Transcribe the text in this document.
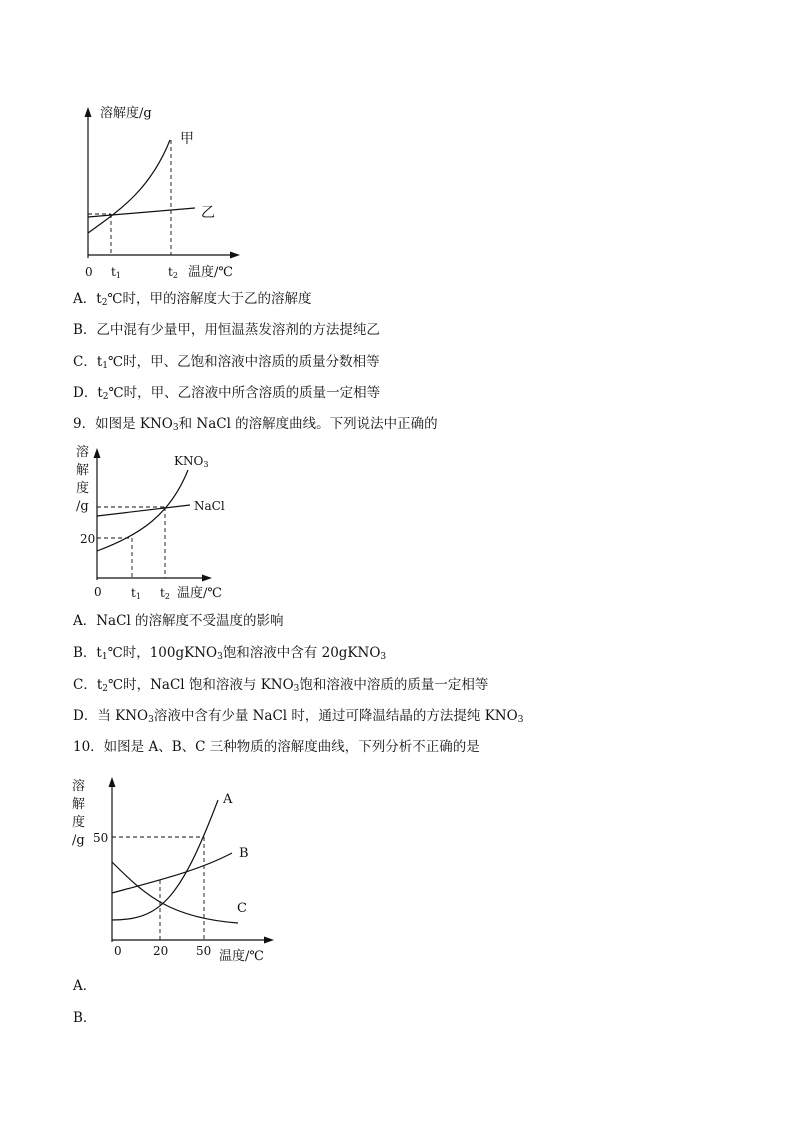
溶解度/g
0 t1	t2 温度/℃
甲
乙
A．$t_2℃$时，甲的溶解度大于乙的溶解度
B．乙中混有少量甲，用恒温蒸发溶剂的方法提纯乙
C．$t_1℃$时，甲、乙饱和溶液中溶质的质量分数相等
D．$t_2℃$时，甲、乙溶液中所含溶质的质量一定相等
9．如图是 $KNO_3$和 NaCl 的溶解度曲线。下列说法中正确的
溶
解
度
/g
20
0 t1 t2 温度/℃
KNO3
NaCl
A．NaCl 的溶解度不受温度的影响
B．$t_1℃$时，100gKNO$_3$饱和溶液中含有 20gKNO$_3$
C．$t_2℃$时，NaCl 饱和溶液与 $KNO_3$饱和溶液中溶质的质量一定相等
D．当 $KNO_3$溶液中含有少量 NaCl 时，通过可降温结晶的方法提纯 $KNO_3$
10．如图是 A、B、C 三种物质的溶解度曲线，下列分析不正确的是
溶
解
度
/g 50
0	20 50 温度/℃
A
B
C
A．
B．
